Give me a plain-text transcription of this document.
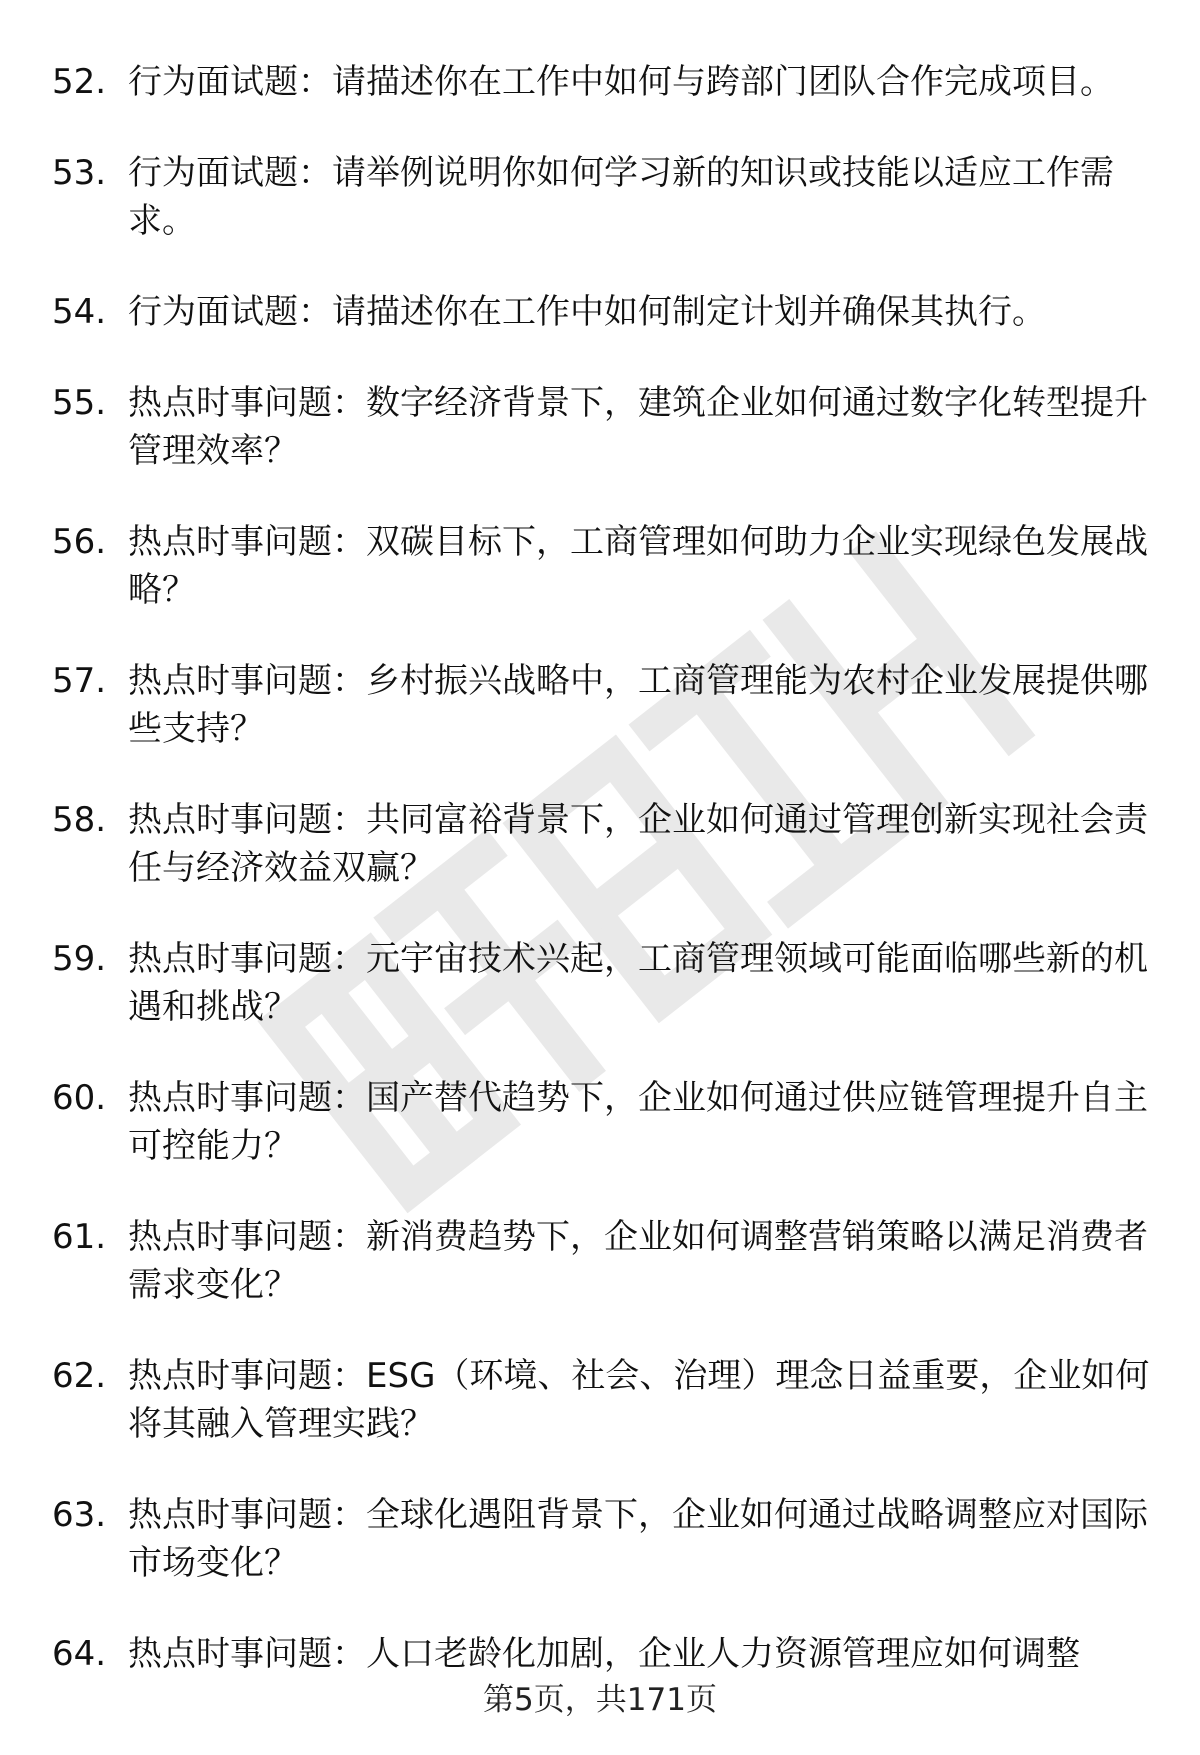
52. 行为面试题：请描述你在工作中如何与跨部门团队合作完成项目。
53. 行为面试题：请举例说明你如何学习新的知识或技能以适应工作需求。
54. 行为面试题：请描述你在工作中如何制定计划并确保其执行。
55. 热点时事问题：数字经济背景下，建筑企业如何通过数字化转型提升管理效率？
56. 热点时事问题：双碳目标下，工商管理如何助力企业实现绿色发展战略？
57. 热点时事问题：乡村振兴战略中，工商管理能为农村企业发展提供哪些支持？
58. 热点时事问题：共同富裕背景下，企业如何通过管理创新实现社会责任与经济效益双赢？
59. 热点时事问题：元宇宙技术兴起，工商管理领域可能面临哪些新的机遇和挑战？
60. 热点时事问题：国产替代趋势下，企业如何通过供应链管理提升自主可控能力？
61. 热点时事问题：新消费趋势下，企业如何调整营销策略以满足消费者需求变化？
62. 热点时事问题：ESG（环境、社会、治理）理念日益重要，企业如何将其融入管理实践？
63. 热点时事问题：全球化遇阻背景下，企业如何通过战略调整应对国际市场变化？
64. 热点时事问题：人口老龄化加剧，企业人力资源管理应如何调整
第5页，共171页
